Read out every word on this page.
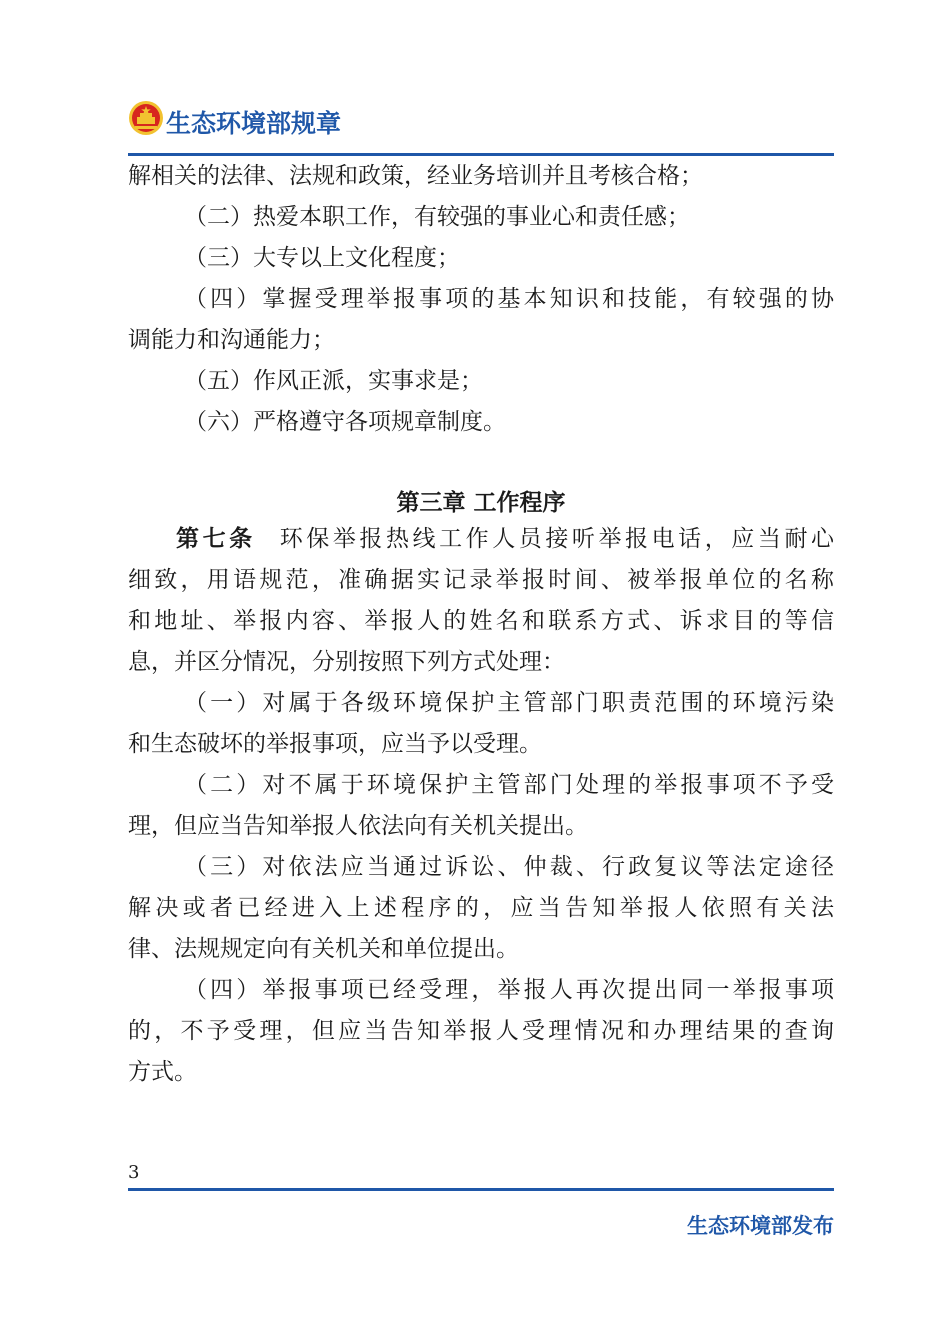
生态环境部规章
解相关的法律、法规和政策，经业务培训并且考核合格；
（二）热爱本职工作，有较强的事业心和责任感；
（三）大专以上文化程度；
（四）掌握受理举报事项的基本知识和技能，有较强的协
调能力和沟通能力；
（五）作风正派，实事求是；
（六）严格遵守各项规章制度。
第三章 工作程序
第七条 环保举报热线工作人员接听举报电话，应当耐心
细致，用语规范，准确据实记录举报时间、被举报单位的名称
和地址、举报内容、举报人的姓名和联系方式、诉求目的等信
息，并区分情况，分别按照下列方式处理：
（一）对属于各级环境保护主管部门职责范围的环境污染
和生态破坏的举报事项，应当予以受理。
（二）对不属于环境保护主管部门处理的举报事项不予受
理，但应当告知举报人依法向有关机关提出。
（三）对依法应当通过诉讼、仲裁、行政复议等法定途径
解决或者已经进入上述程序的，应当告知举报人依照有关法
律、法规规定向有关机关和单位提出。
（四）举报事项已经受理，举报人再次提出同一举报事项
的，不予受理，但应当告知举报人受理情况和办理结果的查询
方式。
3
生态环境部发布
